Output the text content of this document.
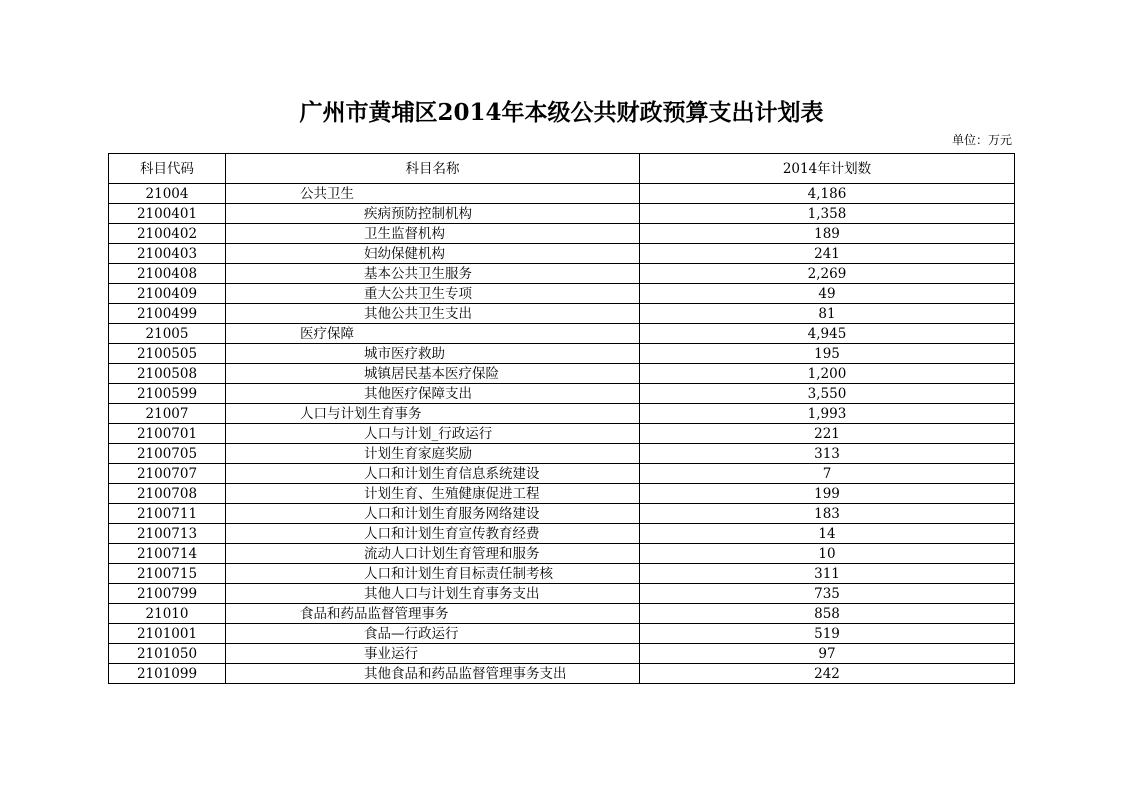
广州市黄埔区2014年本级公共财政预算支出计划表
单位：万元
科目代码	科目名称	2014年计划数
21004	公共卫生	4,186
2100401	疾病预防控制机构	1,358
2100402	卫生监督机构	189
2100403	妇幼保健机构	241
2100408	基本公共卫生服务	2,269
2100409	重大公共卫生专项	49
2100499	其他公共卫生支出	81
21005	医疗保障	4,945
2100505	城市医疗救助	195
2100508	城镇居民基本医疗保险	1,200
2100599	其他医疗保障支出	3,550
21007	人口与计划生育事务	1,993
2100701	人口与计划_行政运行	221
2100705	计划生育家庭奖励	313
2100707	人口和计划生育信息系统建设	7
2100708	计划生育、生殖健康促进工程	199
2100711	人口和计划生育服务网络建设	183
2100713	人口和计划生育宣传教育经费	14
2100714	流动人口计划生育管理和服务	10
2100715	人口和计划生育目标责任制考核	311
2100799	其他人口与计划生育事务支出	735
21010	食品和药品监督管理事务	858
2101001	食品—行政运行	519
2101050	事业运行	97
2101099	其他食品和药品监督管理事务支出	242
